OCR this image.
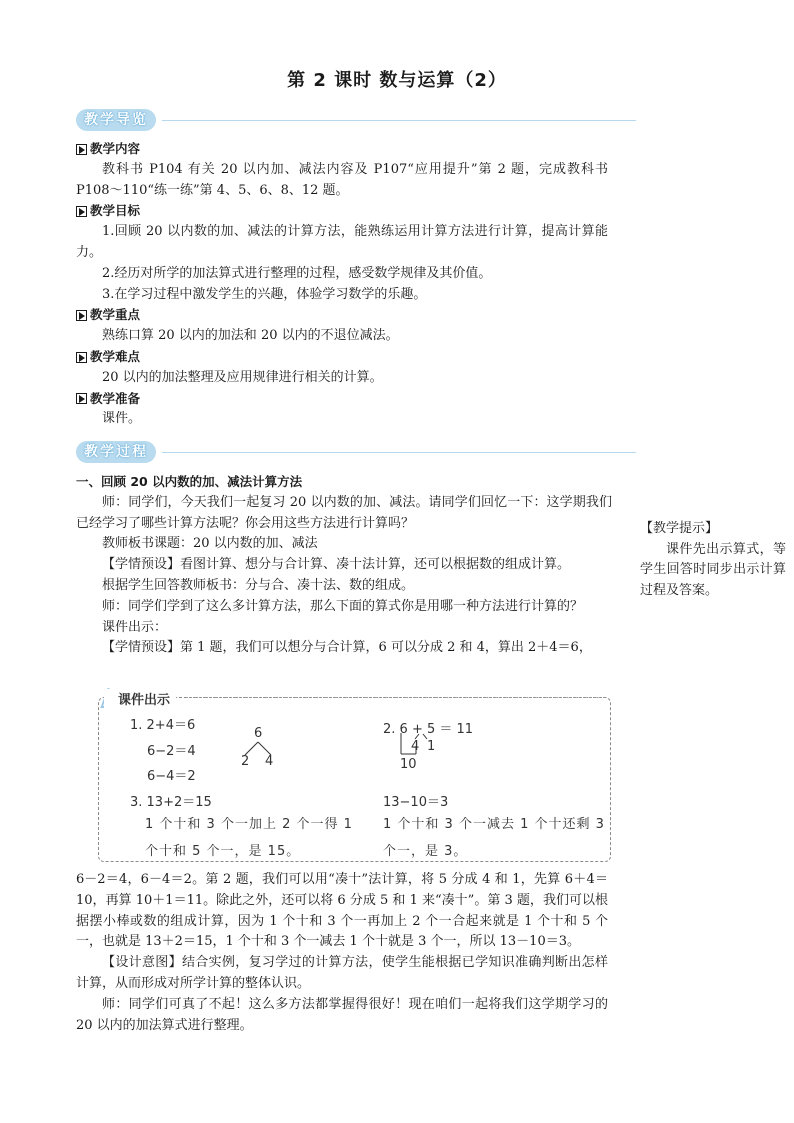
第 2 课时 数与运算（2）
教学导览
教学内容
教科书 P104 有关 20 以内加、减法内容及 P107“应用提升”第 2 题，完成教科书 P108～110“练一练”第 4、5、6、8、12 题。
教学目标
1.回顾 20 以内数的加、减法的计算方法，能熟练运用计算方法进行计算，提高计算能力。
2.经历对所学的加法算式进行整理的过程，感受数学规律及其价值。
3.在学习过程中激发学生的兴趣，体验学习数学的乐趣。
教学重点
熟练口算 20 以内的加法和 20 以内的不退位减法。
教学难点
20 以内的加法整理及应用规律进行相关的计算。
教学准备
课件。
教学过程
一、回顾 20 以内数的加、减法计算方法
师：同学们，今天我们一起复习 20 以内数的加、减法。请同学们回忆一下：这学期我们已经学习了哪些计算方法呢？你会用这些方法进行计算吗？
教师板书课题：20 以内数的加、减法
【学情预设】看图计算、想分与合计算、凑十法计算，还可以根据数的组成计算。
根据学生回答教师板书：分与合、凑十法、数的组成。
师：同学们学到了这么多计算方法，那么下面的算式你是用哪一种方法进行计算的？
课件出示：
【学情预设】第 1 题，我们可以想分与合计算，6 可以分成 2 和 4，算出 2＋4＝6，
【教学提示】
课件先出示算式，等学生回答时同步出示计算过程及答案。
课件出示
1. 2+4＝6
6−2＝4
6−4＝2
6
2 4
2. 6 + 5 ＝ 11
4 1
10
3. 13+2＝15
1 个十和 3 个一加上 2 个一得 1 个十和 5 个一，是 15。
13−10＝3
1 个十和 3 个一减去 1 个十还剩 3 个一，是 3。
6－2＝4，6－4＝2。第 2 题，我们可以用“凑十”法计算，将 5 分成 4 和 1，先算 6＋4＝10，再算 10＋1＝11。除此之外，还可以将 6 分成 5 和 1 来“凑十”。第 3 题，我们可以根据摆小棒或数的组成计算，因为 1 个十和 3 个一再加上 2 个一合起来就是 1 个十和 5 个一，也就是 13＋2＝15，1 个十和 3 个一减去 1 个十就是 3 个一，所以 13－10＝3。
【设计意图】结合实例，复习学过的计算方法，使学生能根据已学知识准确判断出怎样计算，从而形成对所学计算的整体认识。
师：同学们可真了不起！这么多方法都掌握得很好！现在咱们一起将我们这学期学习的 20 以内的加法算式进行整理。
